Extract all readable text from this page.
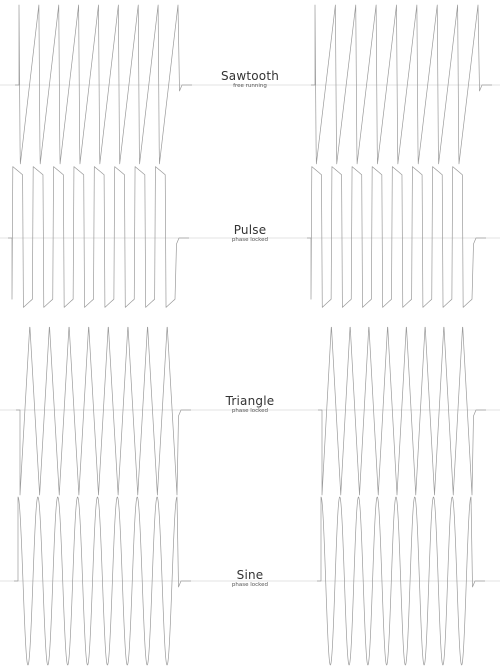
Sawtooth
free running
Pulse
phase locked
Triangle
phase locked
Sine
phase locked
